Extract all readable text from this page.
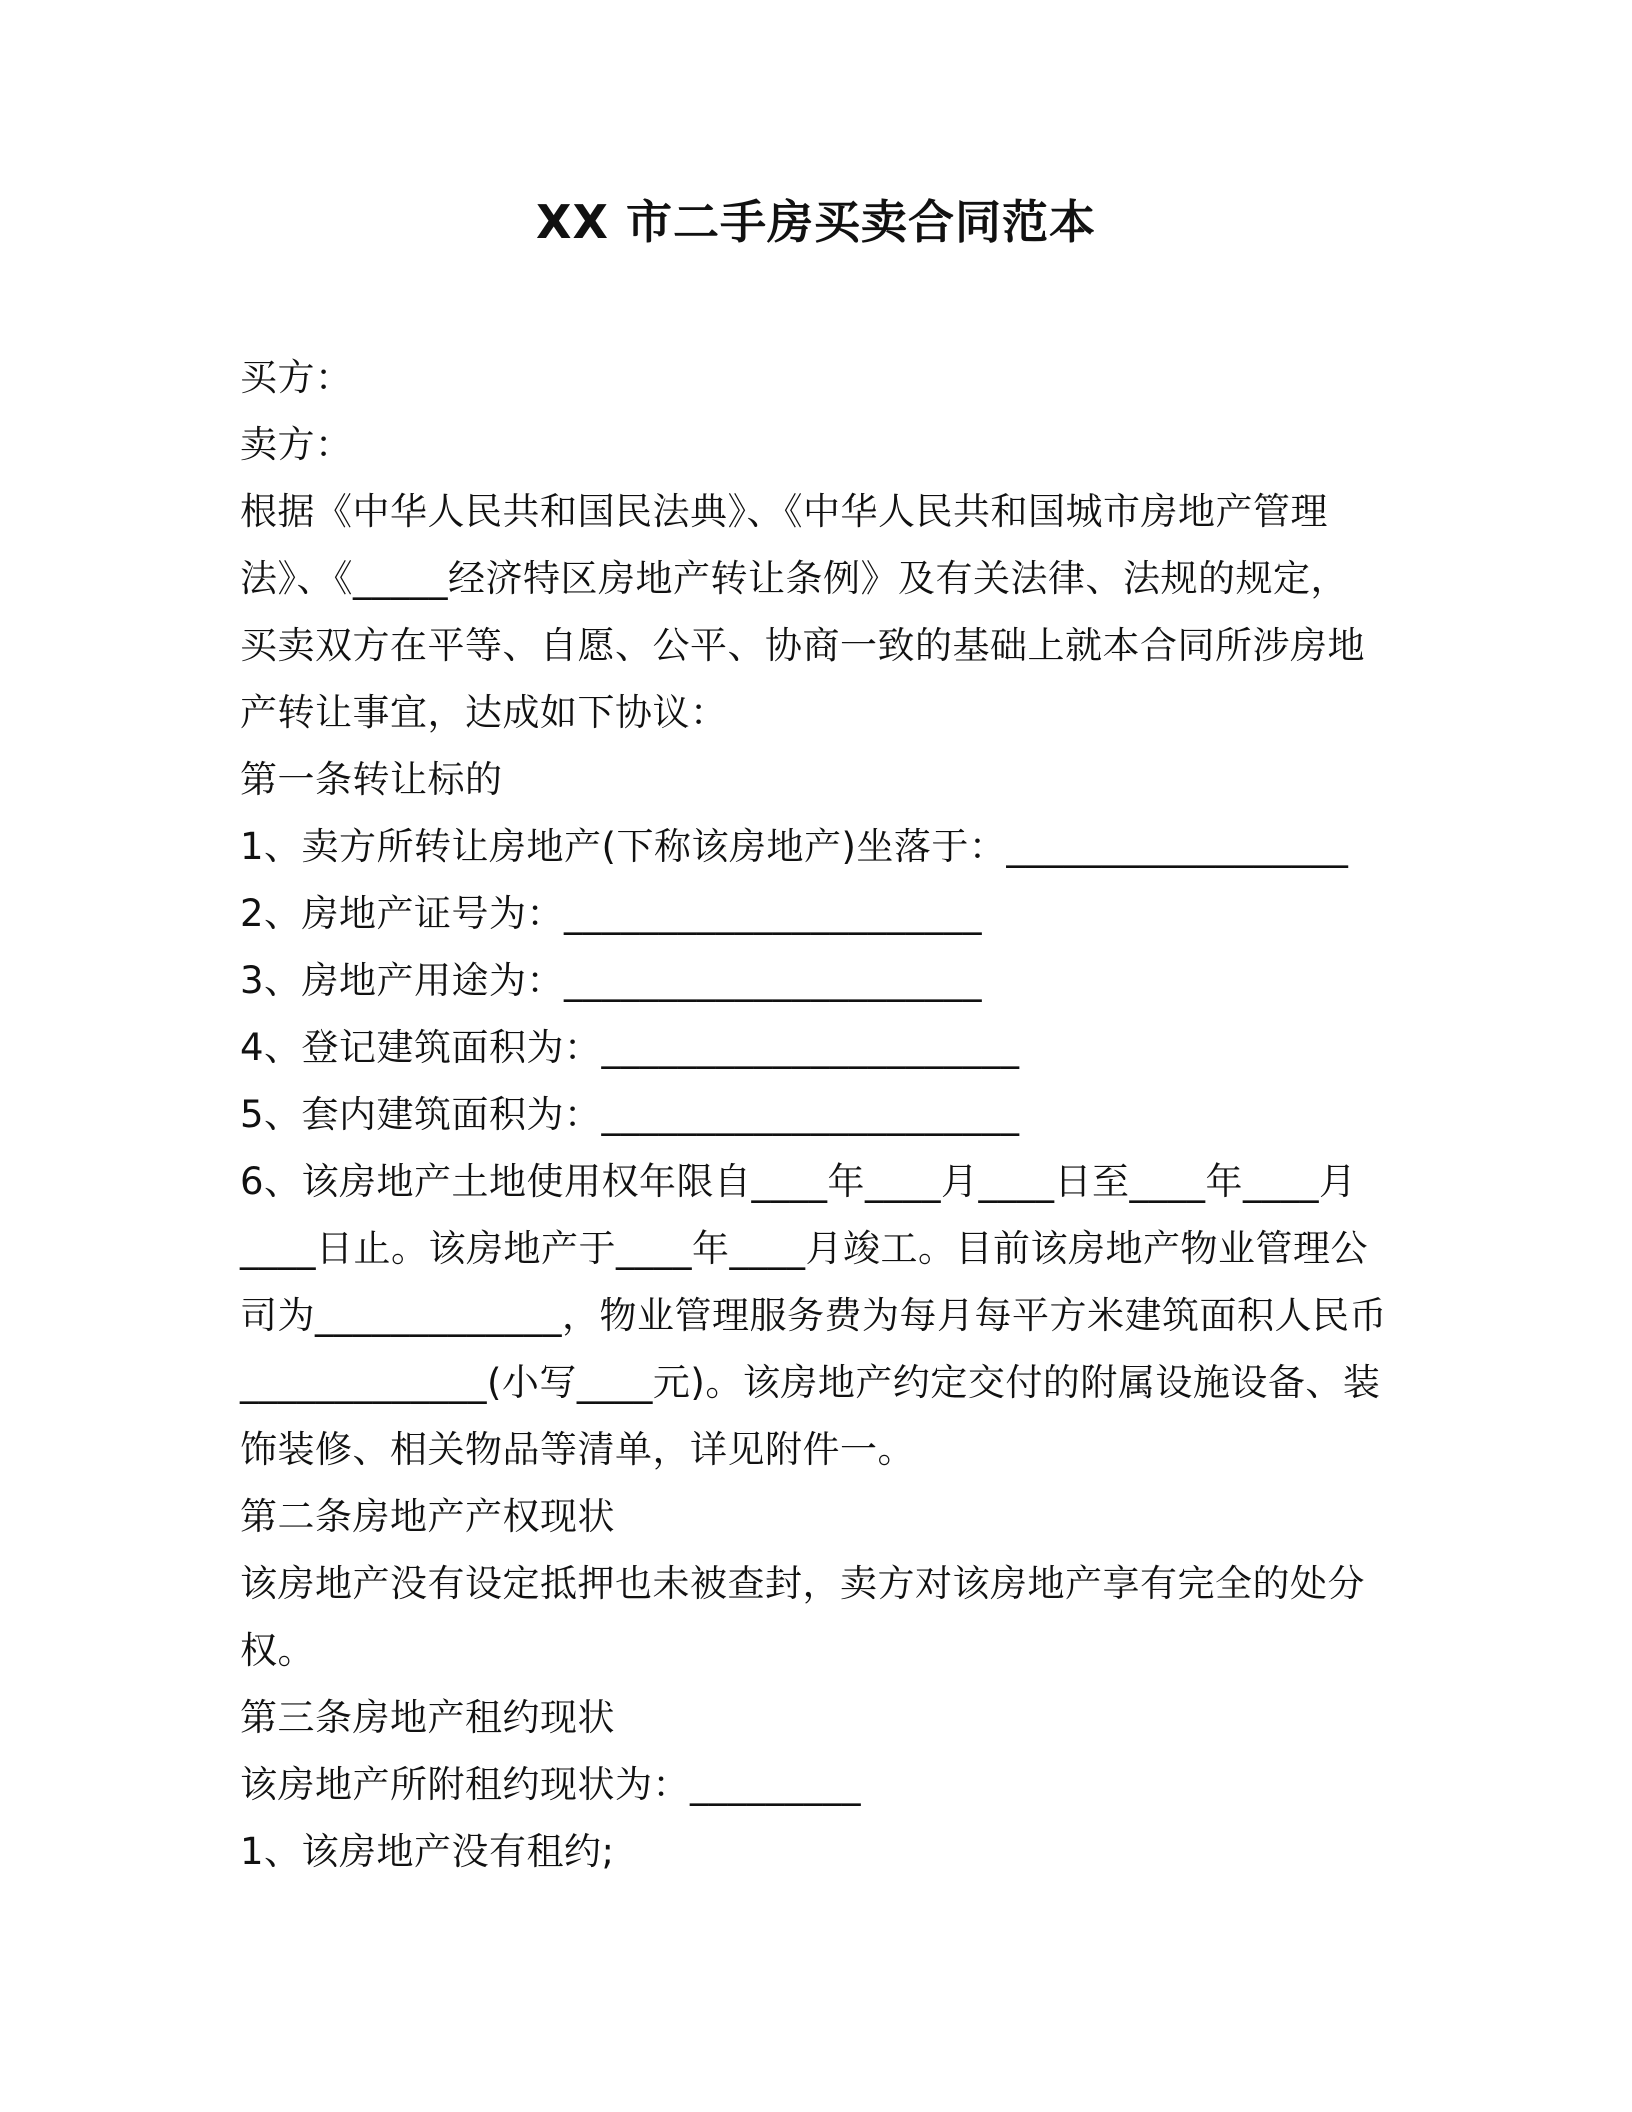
XX 市二手房买卖合同范本
买方：
卖方：
根据《中华人民共和国民法典》、《中华人民共和国城市房地产管理
法》、《_____经济特区房地产转让条例》及有关法律、法规的规定，
买卖双方在平等、自愿、公平、协商一致的基础上就本合同所涉房地
产转让事宜，达成如下协议：
第一条转让标的
1、卖方所转让房地产(下称该房地产)坐落于：__________________
2、房地产证号为：______________________
3、房地产用途为：______________________
4、登记建筑面积为：______________________
5、套内建筑面积为：______________________
6、该房地产土地使用权年限自____年____月____日至____年____月
____日止。该房地产于____年____月竣工。目前该房地产物业管理公
司为_____________，物业管理服务费为每月每平方米建筑面积人民币
_____________(小写____元)。该房地产约定交付的附属设施设备、装
饰装修、相关物品等清单，详见附件一。
第二条房地产产权现状
该房地产没有设定抵押也未被查封，卖方对该房地产享有完全的处分
权。
第三条房地产租约现状
该房地产所附租约现状为：_________
1、该房地产没有租约;
